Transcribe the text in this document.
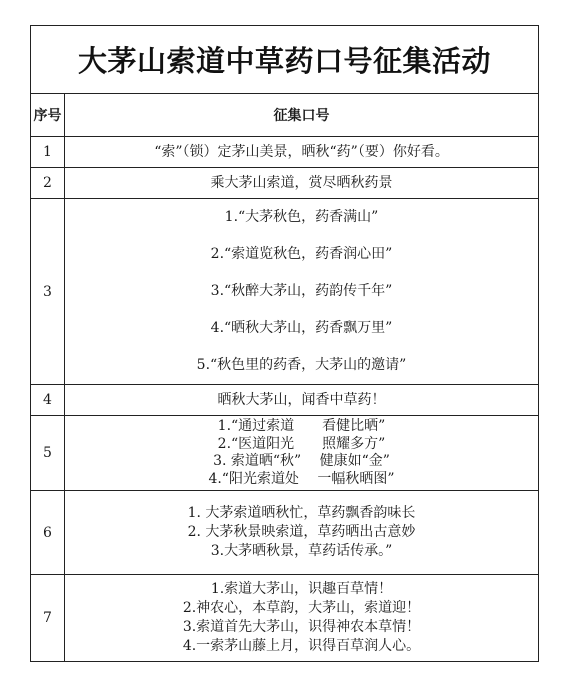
大茅山索道中草药口号征集活动	
序号	征集口号
1	“索”（锁）定茅山美景，晒秋“药”（要）你好看。

2	乘大茅山索道，赏尽晒秋药景

3	1.“大茅秋色，药香满山”
2.“索道览秋色，药香润心田”
3.“秋醉大茅山，药韵传千年”
4.“晒秋大茅山，药香飘万里”
5.“秋色里的药香，大茅山的邀请”

4	晒秋大茅山，闻香中草药！

5	1.“通过索道　　看健比晒”
2.“医道阳光　　照耀多方”
3. 索道晒“秋”　 健康如“金”
4.“阳光索道处　 一幅秋晒图”

6	1. 大茅索道晒秋忙，草药飘香韵味长
2. 大茅秋景映索道，草药晒出古意妙
3.大茅晒秋景，草药话传承。”

7	1.索道大茅山，识趣百草情！
2.神农心，本草韵，大茅山，索道迎！
3.索道首先大茅山，识得神农本草情！
4.一索茅山藤上月，识得百草润人心。
